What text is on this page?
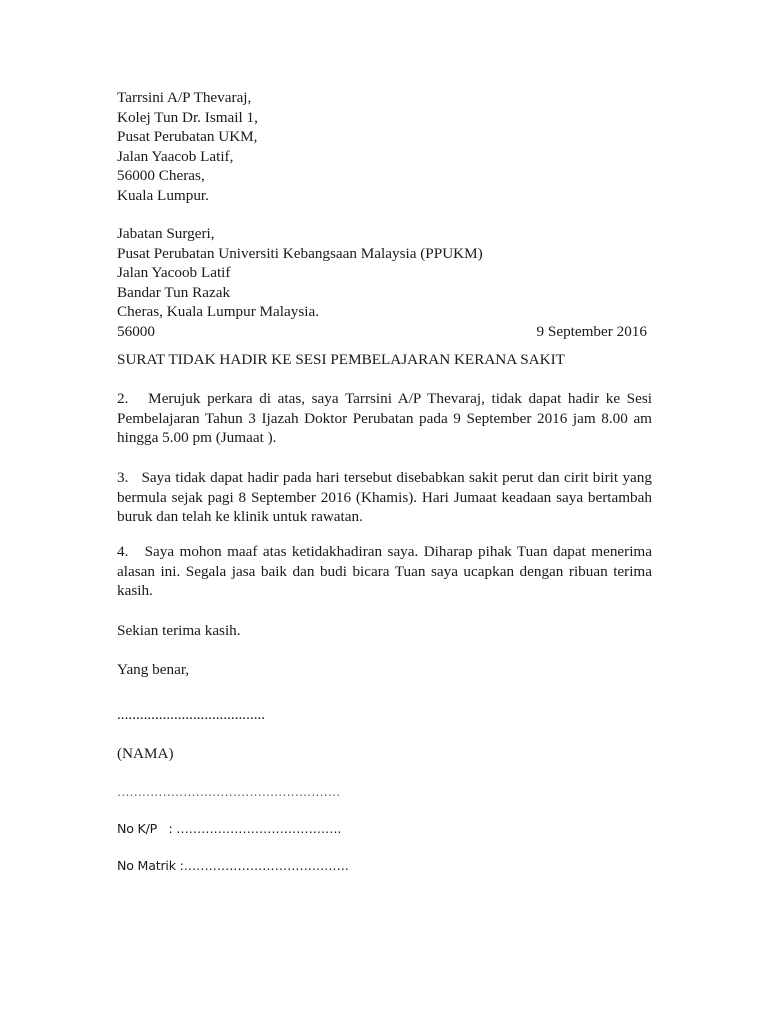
Tarrsini A/P Thevaraj,
Kolej Tun Dr. Ismail 1,
Pusat Perubatan UKM,
Jalan Yaacob Latif,
56000 Cheras,
Kuala Lumpur.
Jabatan Surgeri,
Pusat Perubatan Universiti Kebangsaan Malaysia (PPUKM)
Jalan Yacoob Latif
Bandar Tun Razak
Cheras, Kuala Lumpur Malaysia.
56000	9 September 2016
SURAT TIDAK HADIR KE SESI PEMBELAJARAN KERANA SAKIT
2.   Merujuk perkara di atas, saya Tarrsini A/P Thevaraj, tidak dapat hadir ke Sesi Pembelajaran Tahun 3 Ijazah Doktor Perubatan pada 9 September 2016 jam 8.00 am hingga 5.00 pm (Jumaat ).
3.   Saya tidak dapat hadir pada hari tersebut disebabkan sakit perut dan cirit birit yang bermula sejak pagi 8 September 2016 (Khamis). Hari Jumaat keadaan saya bertambah buruk dan telah ke klinik untuk rawatan.
4.   Saya mohon maaf atas ketidakhadiran saya. Diharap pihak Tuan dapat menerima alasan ini. Segala jasa baik dan budi bicara Tuan saya ucapkan dengan ribuan terima kasih.
Sekian terima kasih.
Yang benar,
.......................................
(NAMA)
………………………………………………
No K/P   : ………………………………….
No Matrik :………………………………….
